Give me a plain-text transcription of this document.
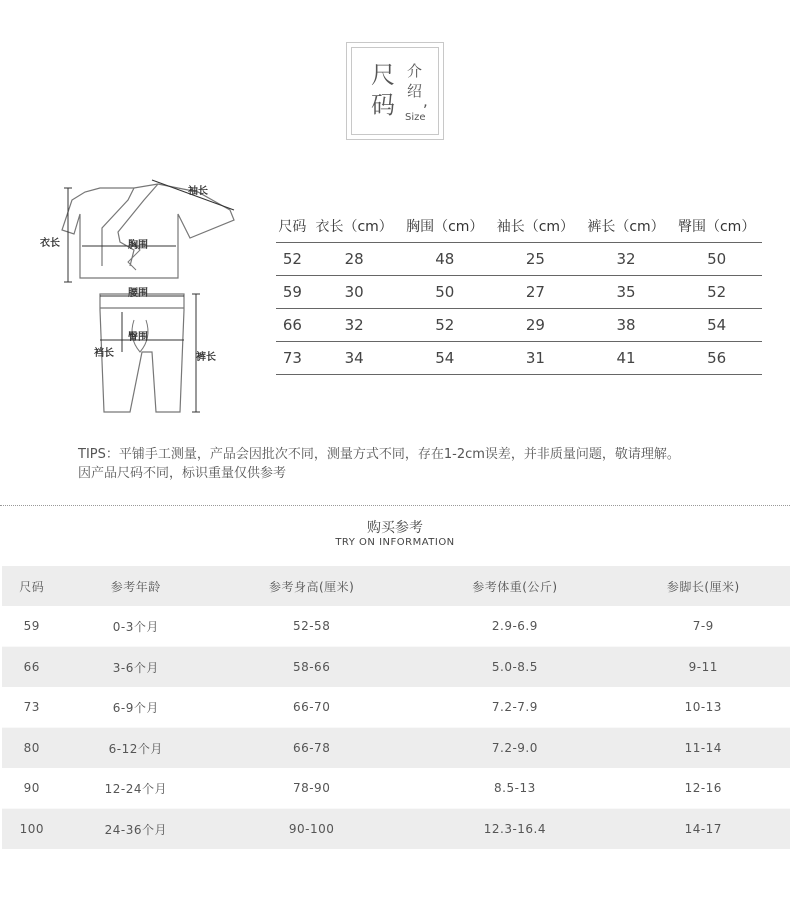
尺
码
介
绍
,
Size
袖长
衣长	胸围
腰围
臀围
裆长	裤长
尺码	衣长（cm）	胸围（cm）	袖长（cm）	裤长（cm）	臀围（cm）
52	28	48	25	32	50
59	30	50	27	35	52
66	32	52	29	38	54
73	34	54	31	41	56
TIPS：平铺手工测量，产品会因批次不同，测量方式不同，存在1-2cm误差，并非质量问题，敬请理解。
因产品尺码不同，标识重量仅供参考
购买参考
TRY ON INFORMATION
尺码	参考年龄	参考身高(厘米)	参考体重(公斤)	参脚长(厘米)
59	0-3个月	52-58	2.9-6.9	7-9
66	3-6个月	58-66	5.0-8.5	9-11
73	6-9个月	66-70	7.2-7.9	10-13
80	6-12个月	66-78	7.2-9.0	11-14
90	12-24个月	78-90	8.5-13	12-16
100	24-36个月	90-100	12.3-16.4	14-17
